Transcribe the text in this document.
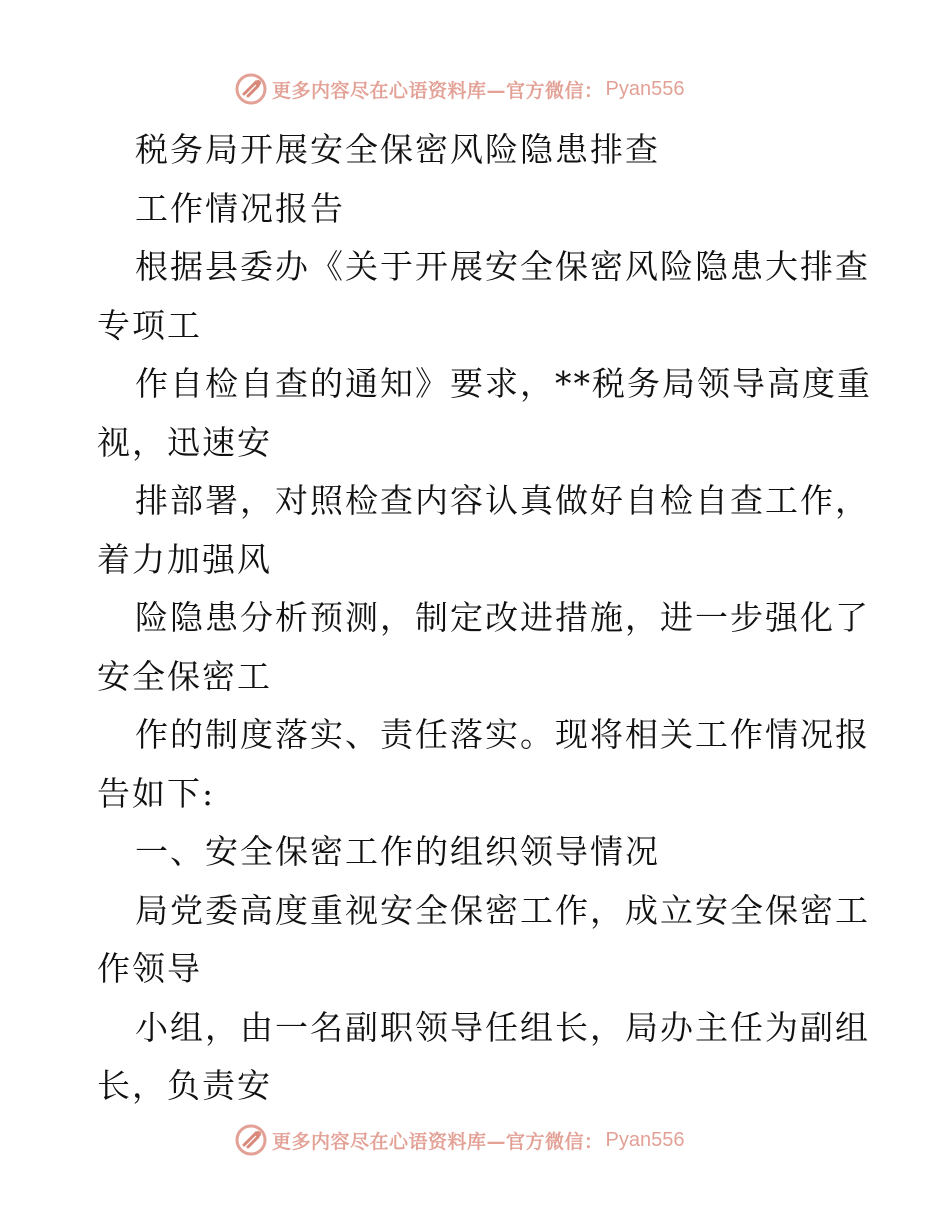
更多内容尽在心语资料库—官方微信： Pyan556
税务局开展安全保密风险隐患排查
工作情况报告
根据县委办《关于开展安全保密风险隐患大排查
专项工
作自检自查的通知》要求，**税务局领导高度重
视，迅速安
排部署，对照检查内容认真做好自检自查工作，
着力加强风
险隐患分析预测，制定改进措施，进一步强化了
安全保密工
作的制度落实、责任落实。现将相关工作情况报
告如下:
一、安全保密工作的组织领导情况
局党委高度重视安全保密工作，成立安全保密工
作领导
小组，由一名副职领导任组长，局办主任为副组
长，负责安
更多内容尽在心语资料库—官方微信： Pyan556
